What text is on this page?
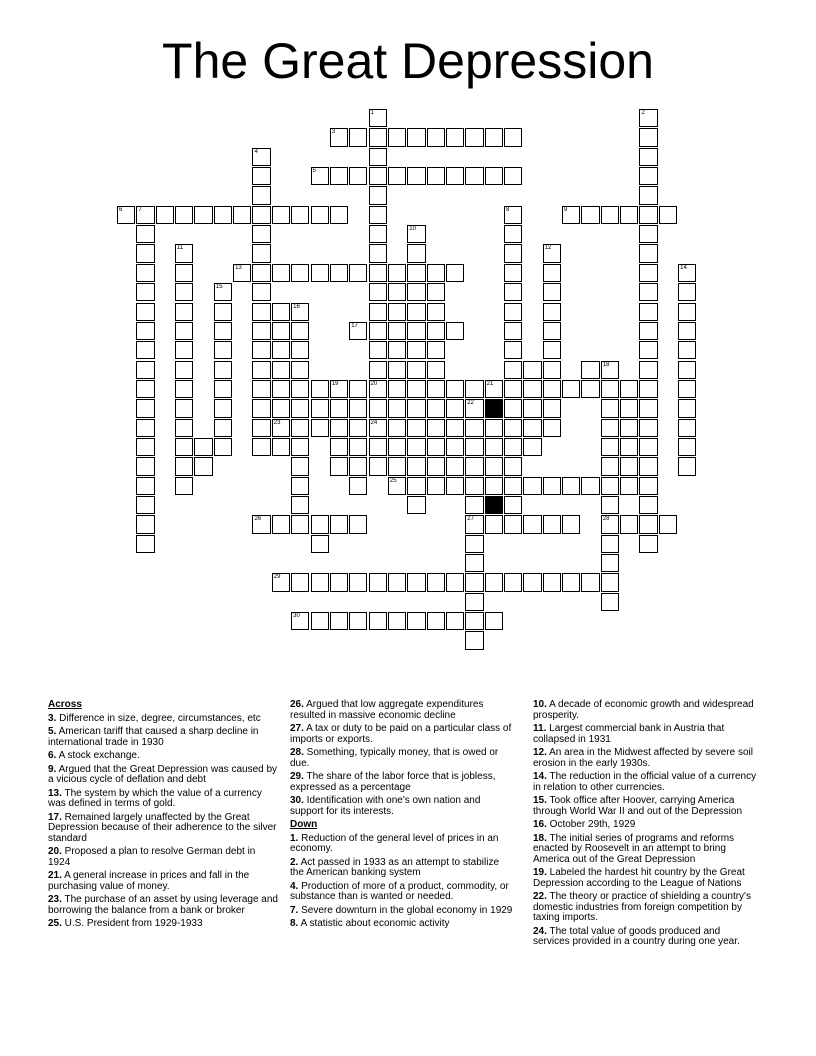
The Great Depression
1	2
3
4
5
6	7	8	9
10
11	12
13	14
15
16
17
18
28
19	20	21
22
27
23	24
25
26
29
30

Across

3. Difference in size, degree, circumstances, etc

5. American tariff that caused a sharp decline in international trade in 1930

6. A stock exchange.

9. Argued that the Great Depression was caused by a vicious cycle of deflation and debt

13. The system by which the value of a currency was defined in terms of gold.

17. Remained largely unaffected by the Great Depression because of their adherence to the silver standard

20. Proposed a plan to resolve German debt in 1924

21. A general increase in prices and fall in the purchasing value of money.

23. The purchase of an asset by using leverage and borrowing the balance from a bank or broker

25. U.S. President from 1929-1933

26. Argued that low aggregate expenditures resulted in massive economic decline

27. A tax or duty to be paid on a particular class of imports or exports.

28. Something, typically money, that is owed or due.

29. The share of the labor force that is jobless, expressed as a percentage

30. Identification with one's own nation and support for its interests.

Down

1. Reduction of the general level of prices in an economy.

2. Act passed in 1933 as an attempt to stabilize the American banking system

4. Production of more of a product, commodity, or substance than is wanted or needed.

7. Severe downturn in the global economy in 1929

8. A statistic about economic activity

10. A decade of economic growth and widespread prosperity.

11. Largest commercial bank in Austria that collapsed in 1931

12. An area in the Midwest affected by severe soil erosion in the early 1930s.

14. The reduction in the official value of a currency in relation to other currencies.

15. Took office after Hoover, carrying America through World War II and out of the Depression

16. October 29th, 1929

18. The initial series of programs and reforms enacted by Roosevelt in an attempt to bring America out of the Great Depression

19. Labeled the hardest hit country by the Great Depression according to the League of Nations

22. The theory or practice of shielding a country's domestic industries from foreign competition by taxing imports.

24. The total value of goods produced and services provided in a country during one year.
